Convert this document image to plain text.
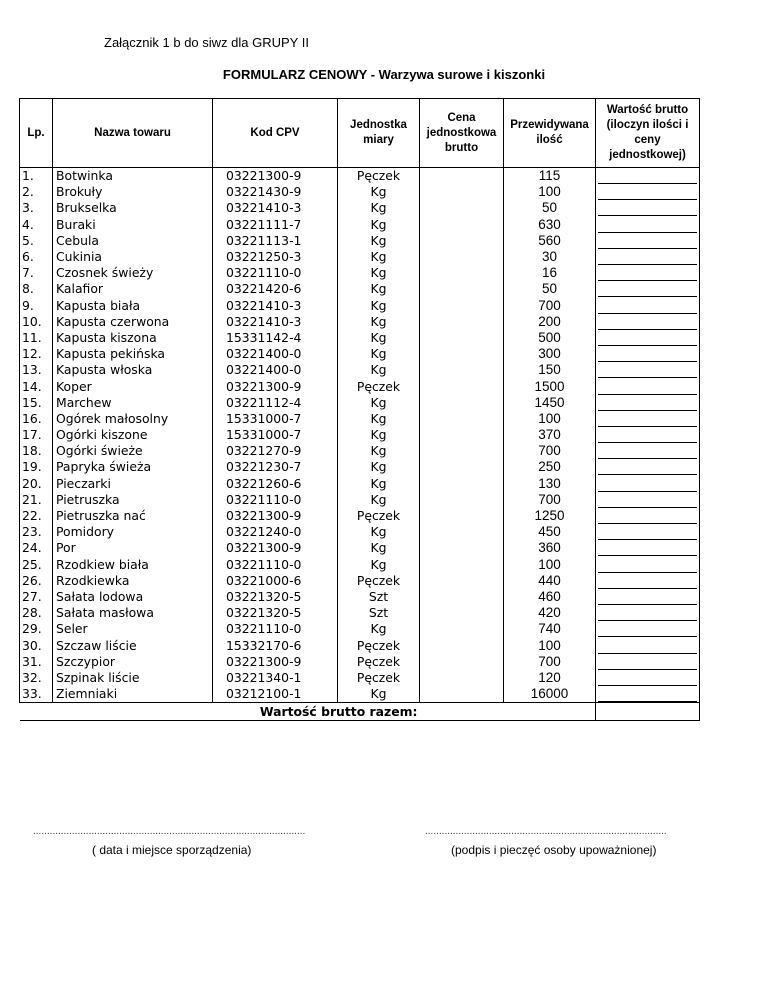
Załącznik 1 b do siwz dla GRUPY II
FORMULARZ CENOWY - Warzywa surowe i kiszonki
Lp.	Nazwa towaru	Kod CPV	Jednostka miary	Cena jednostkowa brutto	Przewidywana ilość	Wartość brutto (iloczyn ilości i ceny jednostkowej)
1.	Botwinka	03221300-9	Pęczek		115	

2.	Brokuły	03221430-9	Kg		100	

3.	Brukselka	03221410-3	Kg		50	

4.	Buraki	03221111-7	Kg		630	

5.	Cebula	03221113-1	Kg		560	

6.	Cukinia	03221250-3	Kg		30	

7.	Czosnek świeży	03221110-0	Kg		16	

8.	Kalafior	03221420-6	Kg		50	

9.	Kapusta biała	03221410-3	Kg		700	

10.	Kapusta czerwona	03221410-3	Kg		200	

11.	Kapusta kiszona	15331142-4	Kg		500	

12.	Kapusta pekińska	03221400-0	Kg		300	

13.	Kapusta włoska	03221400-0	Kg		150	

14.	Koper	03221300-9	Pęczek		1500	

15.	Marchew	03221112-4	Kg		1450	

16.	Ogórek małosolny	15331000-7	Kg		100	

17.	Ogórki kiszone	15331000-7	Kg		370	

18.	Ogórki świeże	03221270-9	Kg		700	

19.	Papryka świeża	03221230-7	Kg		250	

20.	Pieczarki	03221260-6	Kg		130	

21.	Pietruszka	03221110-0	Kg		700	

22.	Pietruszka nać	03221300-9	Pęczek		1250	

23.	Pomidory	03221240-0	Kg		450	

24.	Por	03221300-9	Kg		360	

25.	Rzodkiew biała	03221110-0	Kg		100	

26.	Rzodkiewka	03221000-6	Pęczek		440	

27.	Sałata lodowa	03221320-5	Szt		460	

28.	Sałata masłowa	03221320-5	Szt		420	

29.	Seler	03221110-0	Kg		740	

30.	Szczaw liście	15332170-6	Pęczek		100	

31.	Szczypior	03221300-9	Pęczek		700	

32.	Szpinak liście	03221340-1	Pęczek		120	

33.	Ziemniaki	03212100-1	Kg		16000	

Wartość brutto razem:						
..................................................................................................	.......................................................................................
( data i miejsce sporządzenia)	(podpis i pieczęć osoby upoważnionej)
